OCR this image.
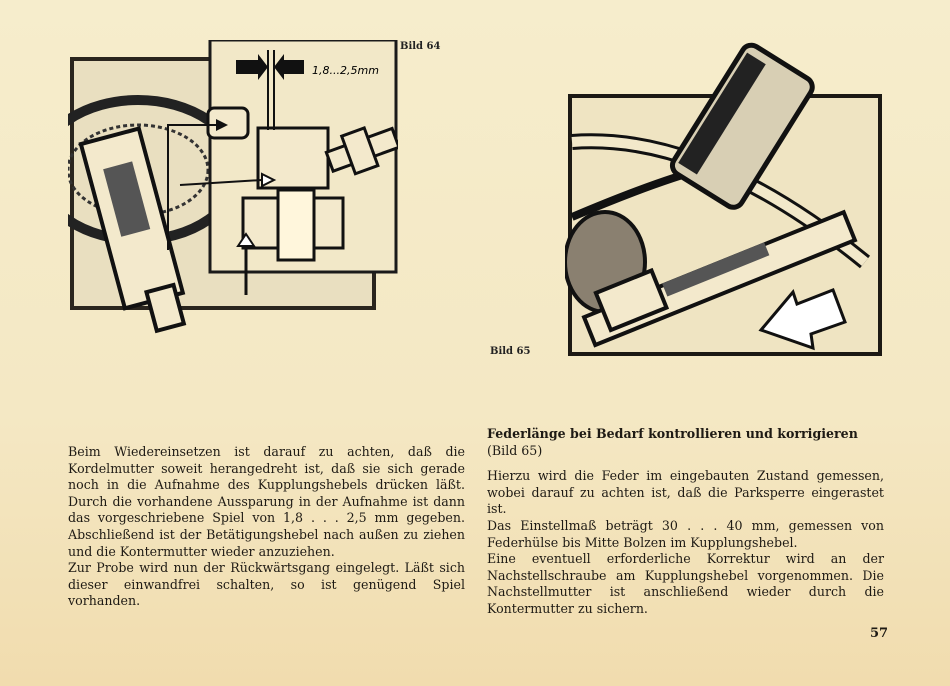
1,8...2,5mm
Bild 64
Bild 65

Beim Wiedereinsetzen ist darauf zu achten, daß die Kordelmutter soweit herangedreht ist, daß sie sich gerade noch in die Aufnahme des Kupplungshebels drücken läßt. Durch die vorhandene Aussparung in der Aufnahme ist dann das vorgeschriebene Spiel von 1,8 . . . 2,5 mm gegeben. Abschließend ist der Betätigungshebel nach außen zu ziehen und die Kontermutter wieder anzuziehen.

Zur Probe wird nun der Rückwärtsgang eingelegt. Läßt sich dieser einwandfrei schalten, so ist genügend Spiel vorhanden.

Federlänge bei Bedarf kontrollieren und korrigieren
(Bild 65)

Hierzu wird die Feder im eingebauten Zustand gemessen, wobei darauf zu achten ist, daß die Parksperre eingerastet ist.

Das Einstellmaß beträgt 30 . . . 40 mm, gemessen von Federhülse bis Mitte Bolzen im Kupplungshebel.

Eine eventuell erforderliche Korrektur wird an der Nachstellschraube am Kupplungshebel vorgenommen. Die Nachstellmutter ist anschließend wieder durch die Kontermutter zu sichern.

57
